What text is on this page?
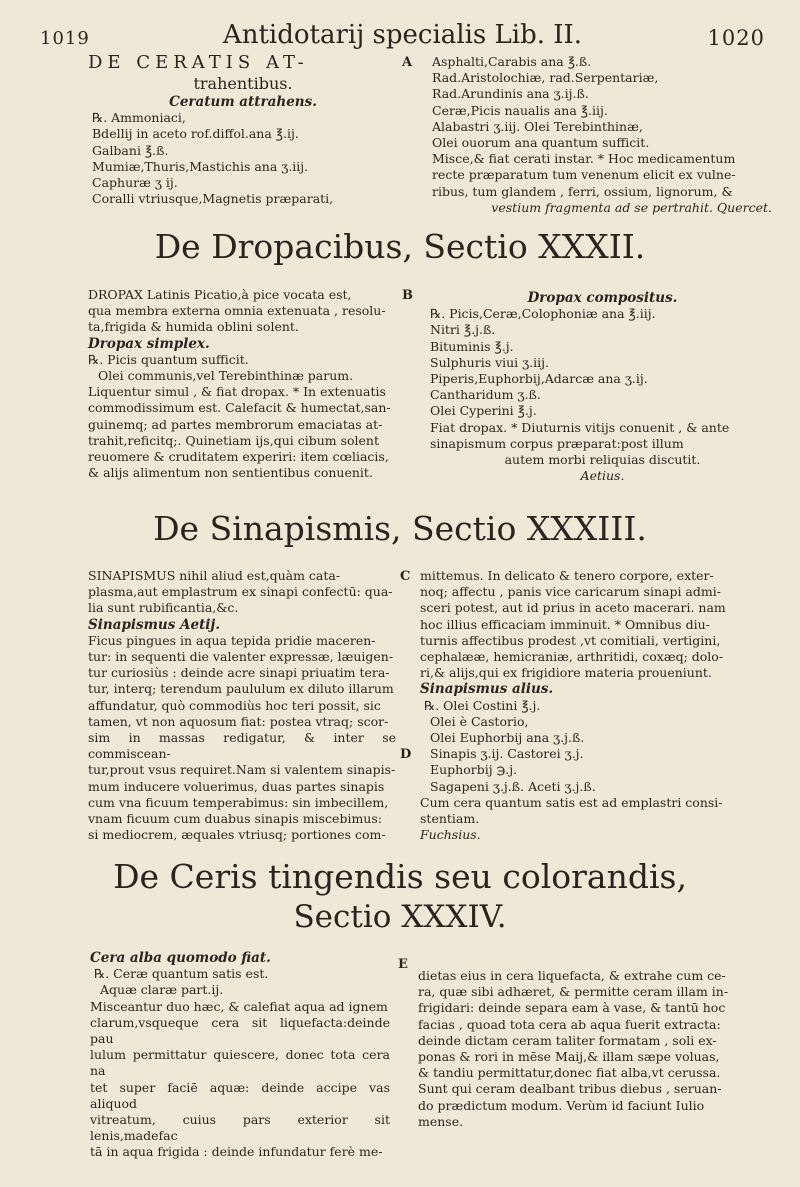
1019	Antidotarij specialis Lib. II.	1020

DE CERATIS AT-

trahentibus.

Ceratum attrahens.

℞. Ammoniaci,

Bdellij in aceto rof.diffol.ana ℥.ij.

Galbani ℥.ß.

Mumiæ,Thuris,Mastichis ana ʒ.iij.

Caphuræ ʒ ij.

Coralli vtriusque,Magnetis præparati,

A Asphalti,Carabis ana ℥.ß.

Rad.Aristolochiæ, rad.Serpentariæ,

Rad.Arundinis ana ʒ.ij.ß.

Ceræ,Picis naualis ana ℥.iij.

Alabastri ʒ.iij. Olei Terebinthinæ,

Olei ouorum ana quantum sufficit.

Misce,& fiat cerati instar. * Hoc medicamentum

recte præparatum tum venenum elicit ex vulne-

ribus, tum glandem , ferri, ossium, lignorum, &

vestium fragmenta ad se pertrahit. Quercet.

De Dropacibus, Sectio XXXII.

DROPAX Latinis Picatio,à pice vocata est,

qua membra externa omnia extenuata , resolu-

ta,frigida & humida oblini solent.

Dropax simplex.

℞. Picis quantum sufficit.

Olei communis,vel Terebinthinæ parum.

Liquentur simul , & fiat dropax. * In extenuatis

commodissimum est. Calefacit & humectat,san-

guinemq; ad partes membrorum emaciatas at-

trahit,reficitq;. Quinetiam ijs,qui cibum solent

reuomere & cruditatem experiri: item cœliacis,

& alijs alimentum non sentientibus conuenit.

B	Dropax compositus.

℞. Picis,Ceræ,Colophoniæ ana ℥.iij.

Nitri ℥.j.ß.

Bituminis ℥.j.

Sulphuris viui ʒ.iij.

Piperis,Euphorbij,Adarcæ ana ʒ.ij.

Cantharidum ʒ.ß.

Olei Cyperini ℥.j.

Fiat dropax. * Diuturnis vitijs conuenit , & ante

sinapismum corpus præparat:post illum

autem morbi reliquias discutit.

Aetius.

De Sinapismis, Sectio XXXIII.

SINAPISMUS nihil aliud est,quàm cata-

plasma,aut emplastrum ex sinapi confectū: qua-

lia sunt rubificantia,&c.

Sinapismus Aetij.

Ficus pingues in aqua tepida pridie maceren-

tur: in sequenti die valenter expressæ, læuigen-

tur curiosiùs : deinde acre sinapi priuatim tera-

tur, interq; terendum paululum ex diluto illarum

affundatur, quò commodiùs hoc teri possit, sic

tamen, vt non aquosum fiat: postea vtraq; scor-

sim in massas redigatur, & inter se commiscean-

tur,prout vsus requiret.Nam si valentem sinapis-

mum inducere voluerimus, duas partes sinapis

cum vna ficuum temperabimus: sin imbecillem,

vnam ficuum cum duabus sinapis miscebimus:

si mediocrem, æquales vtriusq; portiones com-

C
D

mittemus. In delicato & tenero corpore, exter-

noq; affectu , panis vice caricarum sinapi admi-

sceri potest, aut id prius in aceto macerari. nam

hoc illius efficaciam imminuit. * Omnibus diu-

turnis affectibus prodest ,vt comitiali, vertigini,

cephalææ, hemicraniæ, arthritidi, coxæq; dolo-

ri,& alijs,qui ex frigidiore materia proueniunt.

Sinapismus alius.

℞. Olei Costini ℥.j.

Olei è Castorio,

Olei Euphorbij ana ʒ.j.ß.

Sinapis ʒ.ij. Castorei ʒ.j.

Euphorbij ℈.j.

Sagapeni ʒ.j.ß. Aceti ʒ.j.ß.

Cum cera quantum satis est ad emplastri consi-

stentiam.

Fuchsius.

De Ceris tingendis seu colorandis,
Sectio XXXIV.

Cera alba quomodo fiat.

℞. Ceræ quantum satis est.

Aquæ claræ part.ij.

Misceantur duo hæc, & calefiat aqua ad ignem

clarum,vsqueque cera sit liquefacta:deinde pau

lulum permittatur quiescere, donec tota cera na

tet super faciē aquæ: deinde accipe vas aliquod

vitreatum, cuius pars exterior sit lenis,madefac

tā in aqua frigida : deinde infundatur ferè me-

E

dietas eius in cera liquefacta, & extrahe cum ce-

ra, quæ sibi adhæret, & permitte ceram illam in-

frigidari: deinde separa eam à vase, & tantū hoc

facias , quoad tota cera ab aqua fuerit extracta:

deinde dictam ceram taliter formatam , soli ex-

ponas & rori in mēse Maij,& illam sæpe voluas,

& tandiu permittatur,donec fiat alba,vt cerussa.

Sunt qui ceram dealbant tribus diebus , seruan-

do prædictum modum. Verùm id faciunt Iulio

mense.
